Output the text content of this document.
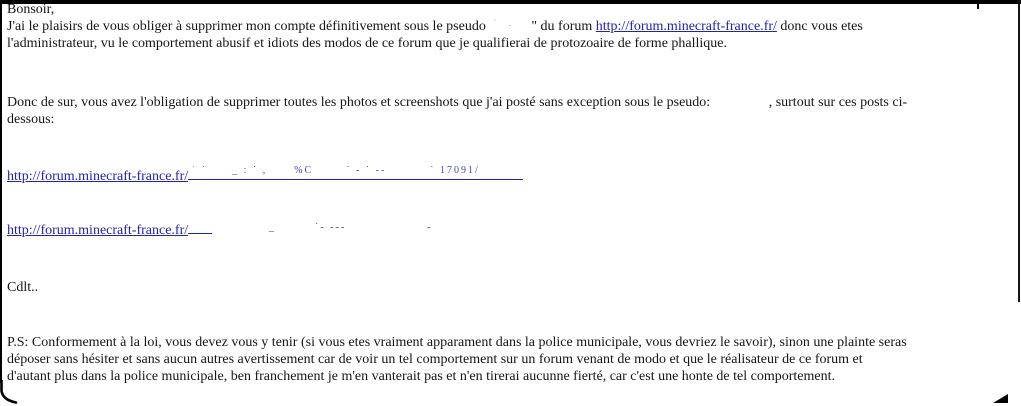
Bonsoir,
J'ai le plaisirs de vous obliger à supprimer mon compte définitivement sous le pseudo ˙ . " du forum http://forum.minecraft-france.fr/ donc vous etes
l'administrateur, vu le comportement abusif et idiots des modos de ce forum que je qualifierai de protozoaire de forme phallique.
Donc de sur, vous avez l'obligation de supprimer toutes les photos et screenshots que j'ai posté sans exception sous le pseudo:	, surtout sur ces posts ci-
dessous:
http://forum.minecraft-france.fr/ ´ ˙ _ : ˙ ,	%C	˙ ‐ ˙ ‐‐	˙ 17091/
http://forum.minecraft-france.fr/	_	˙‐ ‐‐‐	‐
Cdlt..
P.S: Conformement à la loi, vous devez vous y tenir (si vous etes vraiment apparament dans la police municipale, vous devriez le savoir), sinon une plainte seras
déposer sans hésiter et sans aucun autres avertissement car de voir un tel comportement sur un forum venant de modo et que le réalisateur de ce forum et
d'autant plus dans la police municipale, ben franchement je m'en vanterait pas et n'en tirerai aucunne fierté, car c'est une honte de tel comportement.
